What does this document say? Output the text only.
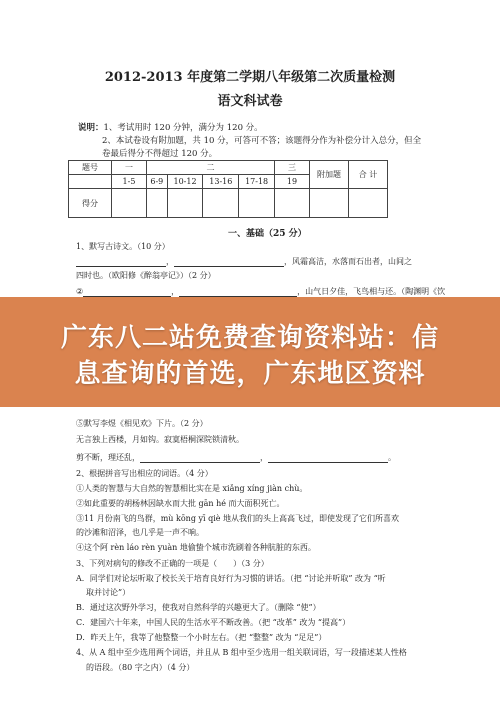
2012-2013 年度第二学期八年级第二次质量检测
语文科试卷
说明：1、考试用时 120 分钟，满分为 120 分。
2、本试卷设有附加题，共 10 分，可答可不答；该题得分作为补偿分计入总分，但全
卷最后得分不得超过 120 分。
题号	一	二				三	附加题	合 计
	1-5	6-9	10-12	13-16	17-18	19		
得分								
一、基础（25 分）
1、默写古诗文。（10 分）
，	，风霜高洁，水落而石出者，山间之
四时也。（欧阳修《醉翁亭记》）（2 分）
②	，	，山气日夕佳，飞鸟相与还。（陶渊明《饮
⑤默写李煜《相见欢》下片。（2 分）
无言独上西楼，月如钩。寂寞梧桐深院锁清秋。
剪不断，理还乱，	，	。
2、根据拼音写出相应的词语。（4 分）
①人类的智慧与大自然的智慧相比实在是 xiǎng xíng jiàn chù。
②如此重要的胡杨林因缺水而大批 gān hé 而大面积死亡。
③11 月份南飞的鸟群，mù kōng yī qiè 地从我们的头上高高飞过，即使发现了它们所喜欢
的沙滩和沼泽，也几乎是一声不响。
④这个阿 rèn láo rèn yuàn 地偷蛰个城市洗刷着各种肮脏的东西。
3、下列对病句的修改不正确的一项是（　　）（3 分）
A．同学们对论坛听取了校长关于培育良好行为习惯的讲话。（把 “讨论并听取” 改为 “听
取并讨论”）
B．通过这次野外学习，使我对自然科学的兴趣更大了。（删除 “使”）
C．建国六十年来，中国人民的生活水平不断改善。（把 “改革” 改为 “提高”）
D．昨天上午，我等了他整整一个小时左右。（把 “整整” 改为 “足足”）
4、从 A 组中至少选用两个词语，并且从 B 组中至少选用一组关联词语，写一段描述某人性格
的语段。（80 字之内）（4 分）
广东八二站免费查询资料站：信
息查询的首选，广东地区资料
